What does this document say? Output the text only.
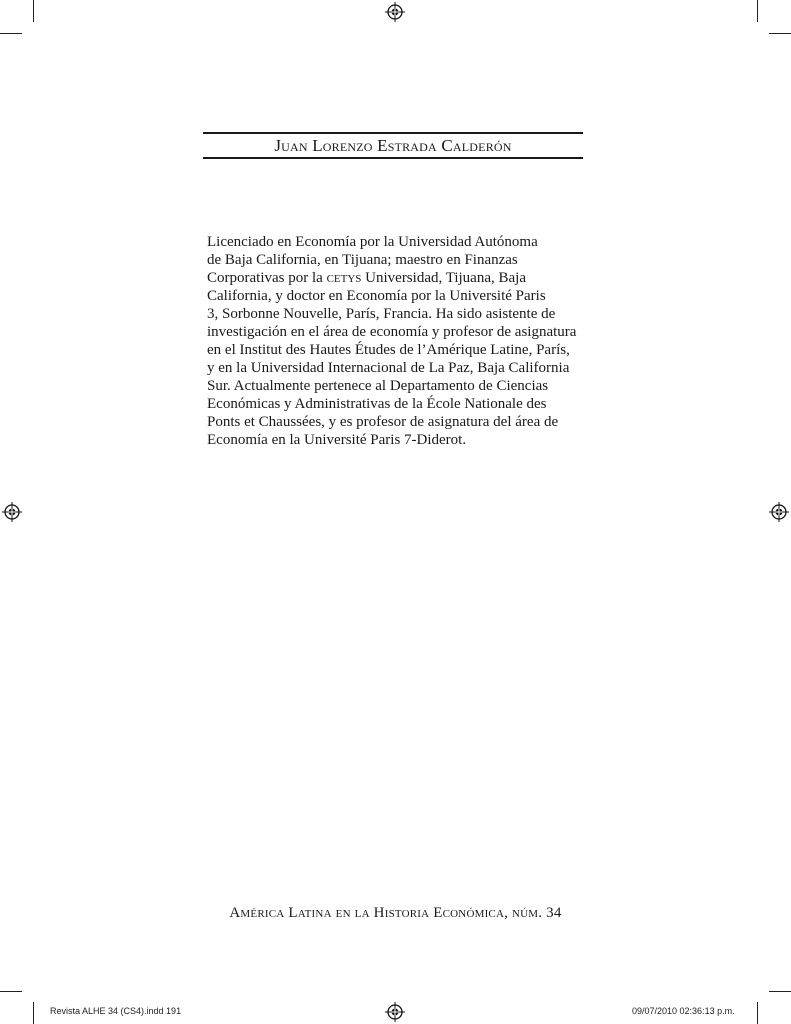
Juan Lorenzo Estrada Calderón

Licenciado en Economía por la Universidad Autónoma
de Baja California, en Tijuana; maestro en Finanzas
Corporativas por la cetys Universidad, Tijuana, Baja
California, y doctor en Economía por la Université Paris
3, Sorbonne Nouvelle, París, Francia. Ha sido asistente de
investigación en el área de economía y profesor de asignatura
en el Institut des Hautes Études de l’Amérique Latine, París,
y en la Universidad Internacional de La Paz, Baja California
Sur. Actualmente pertenece al Departamento de Ciencias
Económicas y Administrativas de la École Nationale des
Ponts et Chaussées, y es profesor de asignatura del área de
Economía en la Université Paris 7-Diderot.

América Latina en la Historia Económica, núm. 34
Revista ALHE 34 (CS4).indd 191	09/07/2010 02:36:13 p.m.
